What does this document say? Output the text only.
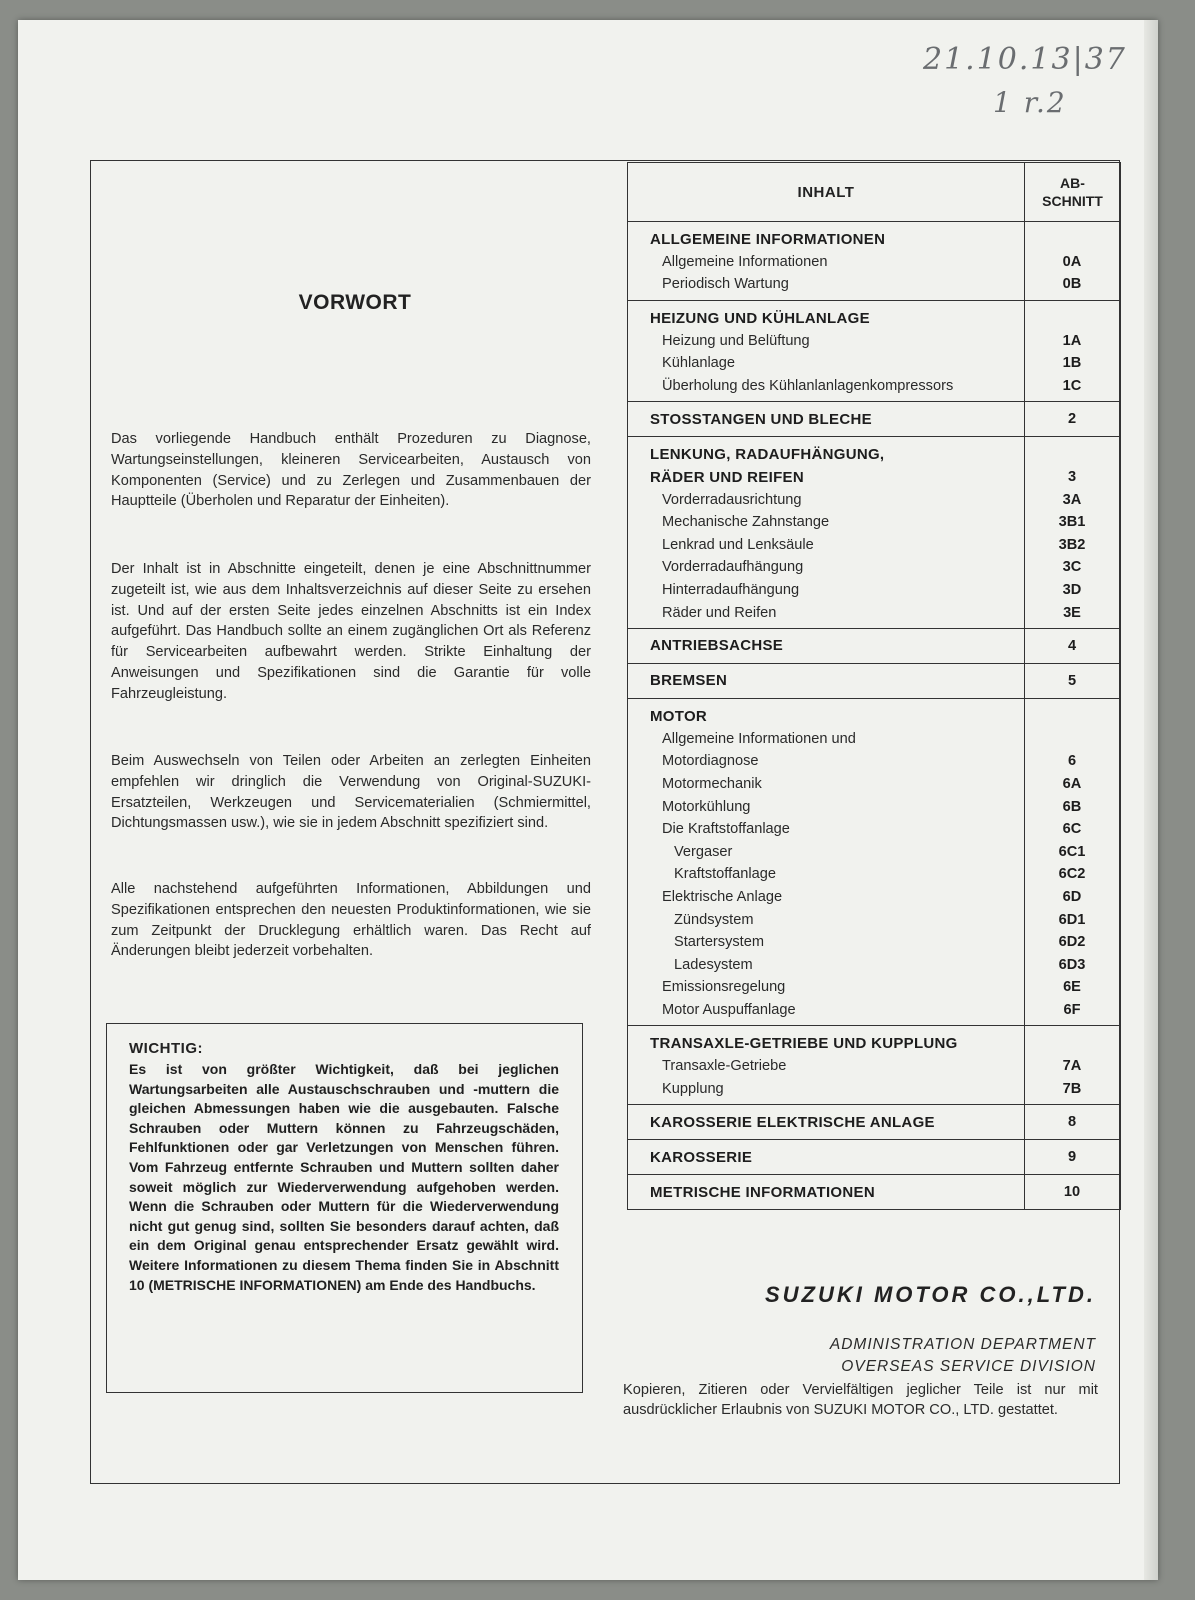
21.10.13|37
1 r.2
VORWORT
Das vorliegende Handbuch enthält Prozeduren zu Diagnose, Wartungseinstellungen, kleineren Servicearbeiten, Austausch von Komponenten (Service) und zu Zerlegen und Zusammenbauen der Hauptteile (Überholen und Reparatur der Einheiten).
Der Inhalt ist in Abschnitte eingeteilt, denen je eine Abschnittnummer zugeteilt ist, wie aus dem Inhaltsverzeichnis auf dieser Seite zu ersehen ist. Und auf der ersten Seite jedes einzelnen Abschnitts ist ein Index aufgeführt. Das Handbuch sollte an einem zugänglichen Ort als Referenz für Servicearbeiten aufbewahrt werden. Strikte Einhaltung der Anweisungen und Spezifikationen sind die Garantie für volle Fahrzeugleistung.
Beim Auswechseln von Teilen oder Arbeiten an zerlegten Einheiten empfehlen wir dringlich die Verwendung von Original-SUZUKI-Ersatzteilen, Werkzeugen und Servicematerialien (Schmiermittel, Dichtungsmassen usw.), wie sie in jedem Abschnitt spezifiziert sind.
Alle nachstehend aufgeführten Informationen, Abbildungen und Spezifikationen entsprechen den neuesten Produktinformationen, wie sie zum Zeitpunkt der Drucklegung erhältlich waren. Das Recht auf Änderungen bleibt jederzeit vorbehalten.
WICHTIG:
Es ist von größter Wichtigkeit, daß bei jeglichen Wartungsarbeiten alle Austauschschrauben und -muttern die gleichen Abmessungen haben wie die ausgebauten. Falsche Schrauben oder Muttern können zu Fahrzeugschäden, Fehlfunktionen oder gar Verletzungen von Menschen führen. Vom Fahrzeug entfernte Schrauben und Muttern sollten daher soweit möglich zur Wiederverwendung aufgehoben werden. Wenn die Schrauben oder Muttern für die Wiederverwendung nicht gut genug sind, sollten Sie besonders darauf achten, daß ein dem Original genau entsprechender Ersatz gewählt wird. Weitere Informationen zu diesem Thema finden Sie in Abschnitt 10 (METRISCHE INFORMATIONEN) am Ende des Handbuchs.
INHALT
AB-
SCHNITT
ALLGEMEINE INFORMATIONEN
Allgemeine Informationen	0A
Periodisch Wartung	0B
HEIZUNG UND KÜHLANLAGE
Heizung und Belüftung	1A
Kühlanlage	1B
Überholung des Kühlanlanlagenkompressors	1C
STOSSTANGEN UND BLECHE	2
LENKUNG, RADAUFHÄNGUNG,
RÄDER UND REIFEN	3
Vorderradausrichtung	3A
Mechanische Zahnstange	3B1
Lenkrad und Lenksäule	3B2
Vorderradaufhängung	3C
Hinterradaufhängung	3D
Räder und Reifen	3E
ANTRIEBSACHSE	4
BREMSEN	5
MOTOR
Allgemeine Informationen und
Motordiagnose	6
Motormechanik	6A
Motorkühlung	6B
Die Kraftstoffanlage	6C
Vergaser	6C1
Kraftstoffanlage	6C2
Elektrische Anlage	6D
Zündsystem	6D1
Startersystem	6D2
Ladesystem	6D3
Emissionsregelung	6E
Motor Auspuffanlage	6F
TRANSAXLE-GETRIEBE UND KUPPLUNG
Transaxle-Getriebe	7A
Kupplung	7B
KAROSSERIE ELEKTRISCHE ANLAGE	8
KAROSSERIE	9
METRISCHE INFORMATIONEN	10
SUZUKI MOTOR CO.,LTD.
ADMINISTRATION DEPARTMENT
OVERSEAS SERVICE DIVISION
Kopieren, Zitieren oder Vervielfältigen jeglicher Teile ist nur mit ausdrücklicher Erlaubnis von SUZUKI MOTOR CO., LTD. gestattet.
